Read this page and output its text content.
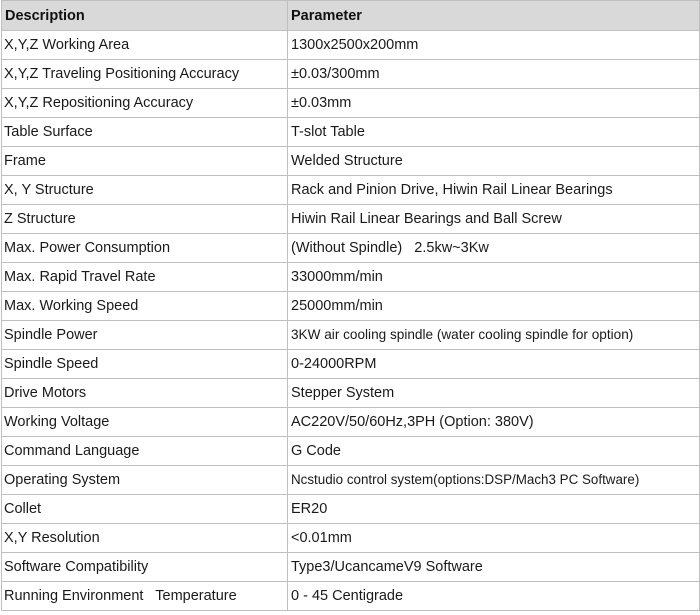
Description	Parameter
X,Y,Z Working Area	1300x2500x200mm
X,Y,Z Traveling Positioning Accuracy	±0.03/300mm
X,Y,Z Repositioning Accuracy	±0.03mm
Table Surface	T-slot Table
Frame	Welded Structure
X, Y Structure	Rack and Pinion Drive, Hiwin Rail Linear Bearings
Z Structure	Hiwin Rail Linear Bearings and Ball Screw
Max. Power Consumption	(Without Spindle)   2.5kw~3Kw
Max. Rapid Travel Rate	33000mm/min
Max. Working Speed	25000mm/min
Spindle Power	3KW air cooling spindle (water cooling spindle for option)
Spindle Speed	0-24000RPM
Drive Motors	Stepper System
Working Voltage	AC220V/50/60Hz,3PH (Option: 380V)
Command Language	G Code
Operating System	Ncstudio control system(options:DSP/Mach3 PC Software)
Collet	ER20
X,Y Resolution	<0.01mm
Software Compatibility	Type3/UcancameV9 Software
Running Environment   Temperature	0 - 45 Centigrade
